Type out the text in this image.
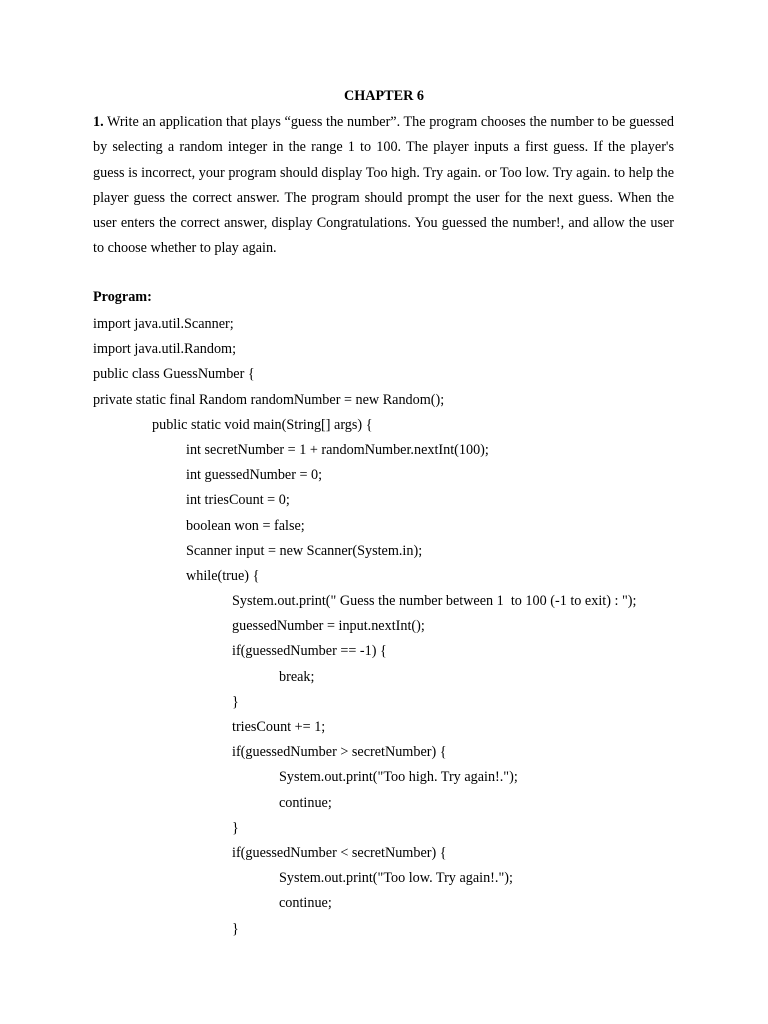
CHAPTER 6

1. Write an application that plays “guess the number”. The program chooses the number to be guessed by selecting a random integer in the range 1 to 100. The player inputs a first guess. If the player's guess is incorrect, your program should display Too high. Try again. or Too low. Try again. to help the player guess the correct answer. The program should prompt the user for the next guess. When the user enters the correct answer, display Congratulations. You guessed the number!, and allow the user to choose whether to play again.

Program:
import java.util.Scanner;
import java.util.Random;
public class GuessNumber {
private static final Random randomNumber = new Random();
public static void main(String[] args) {
int secretNumber = 1 + randomNumber.nextInt(100);
int guessedNumber = 0;
int triesCount = 0;
boolean won = false;
Scanner input = new Scanner(System.in);
while(true) {
System.out.print(" Guess the number between 1  to 100 (-1 to exit) : ");
guessedNumber = input.nextInt();
if(guessedNumber == -1) {
break;
}
triesCount += 1;
if(guessedNumber > secretNumber) {
System.out.print("Too high. Try again!.");
continue;
}
if(guessedNumber < secretNumber) {
System.out.print("Too low. Try again!.");
continue;
}
